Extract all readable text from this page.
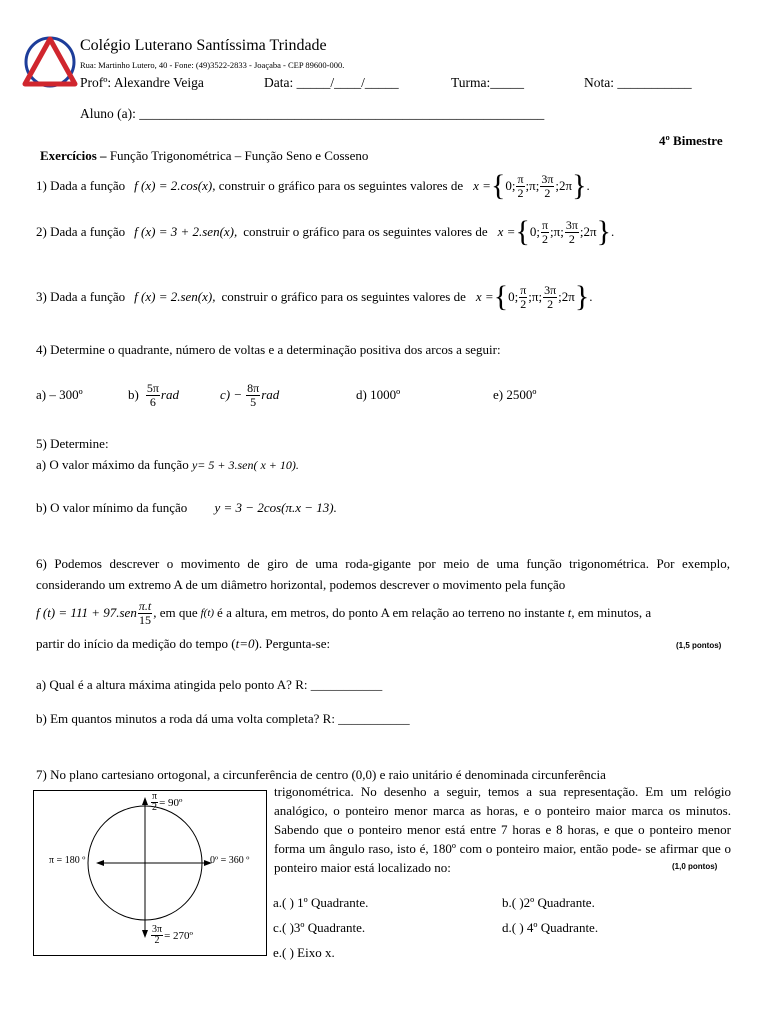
Colégio Luterano Santíssima Trindade
Rua: Martinho Lutero, 40 - Fone: (49)3522-2833 - Joaçaba - CEP 89600-000.
Profº: Alexandre Veiga	Data: _____/____/_____	Turma:_____	Nota: ___________
Aluno (a): ____________________________________________________________
4º Bimestre
Exercícios – Função Trigonométrica – Função Seno e Cosseno
1) Dada a função f (x) = 2.cos(x) , construir o gráfico para os seguintes valores de x = { 0; $\frac{\pi}{2}$ ; π; $\frac{3\pi}{2}$ ;2π } .
2) Dada a função f (x) = 3 + 2.sen(x), construir o gráfico para os seguintes valores de x = { 0; $\frac{\pi}{2}$ ; π; $\frac{3\pi}{2}$ ;2π } .
3) Dada a função f (x) = 2.sen(x), construir o gráfico para os seguintes valores de x = { 0; $\frac{\pi}{2}$ ; π; $\frac{3\pi}{2}$ ;2π } .
4) Determine o quadrante, número de voltas e a determinação positiva dos arcos a seguir:
a) – 300º	$b) \frac{5\pi}{6}$ rad	$c) - \frac{8\pi}{5}$ rad	d) 1000º	e) 2500º
5) Determine:
a) O valor máximo da função y= 5 + 3.sen( x + 10).
b) O valor mínimo da função y = 3 − 2cos(π.x − 13).
6) Podemos descrever o movimento de giro de uma roda-gigante por meio de uma função trigonométrica. Por exemplo, considerando um extremo A de um diâmetro horizontal, podemos descrever o movimento pela função
f $(t) = 111 + 97.sen \frac{\pi.t}{15}$ , em que f(t) é a altura, em metros, do ponto A em relação ao terreno no instante t , em minutos, a
partir do início da medição do tempo (t=0). Pergunta-se:	(1,5 pontos)
a) Qual é a altura máxima atingida pelo ponto A? R: ___________
b) Em quantos minutos a roda dá uma volta completa? R: ___________
7) No plano cartesiano ortogonal, a circunferência de centro (0,0) e raio unitário é denominada circunferência
trigonométrica. No desenho a seguir, temos a sua representação. Em um relógio analógico, o ponteiro menor marca as horas, e o ponteiro maior marca os minutos. Sabendo que o ponteiro menor está entre 7 horas e 8 horas, e que o ponteiro menor forma um ângulo raso, isto é, 180º com o ponteiro maior, então pode- se afirmar que o ponteiro maior está localizado no:	(1,0 pontos)
a.( ) 1º Quadrante.	b.( )2º Quadrante.
c.( )3º Quadrante.	d.( ) 4º Quadrante.
e.( ) Eixo x.
$\frac{\pi}{2}$ = 90º
π = 180 º	0º = 360 º
$\frac{3\pi}{2}$ = 270º
